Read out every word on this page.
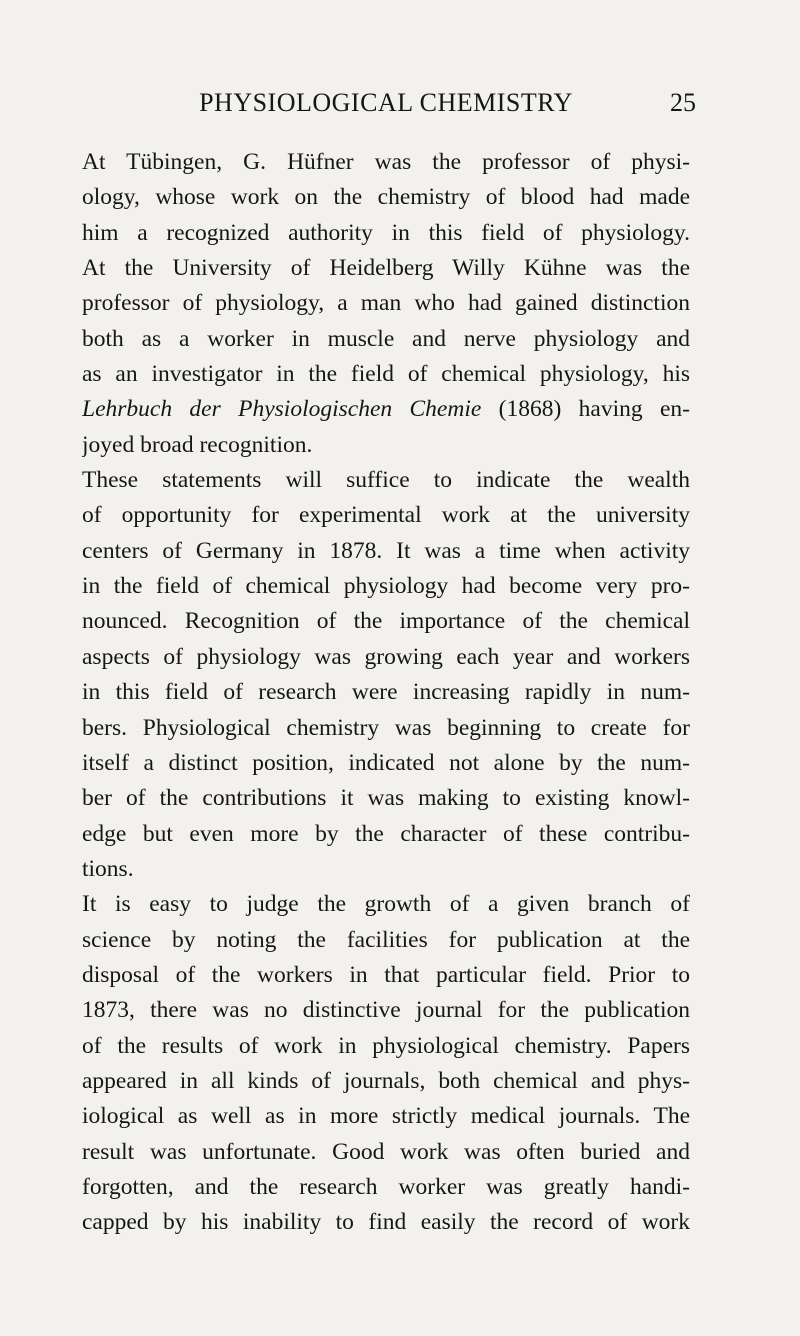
PHYSIOLOGICAL CHEMISTRY	25
At Tübingen, G. Hüfner was the professor of physi-
ology, whose work on the chemistry of blood had made
him a recognized authority in this field of physiology.
At the University of Heidelberg Willy Kühne was the
professor of physiology, a man who had gained distinction
both as a worker in muscle and nerve physiology and
as an investigator in the field of chemical physiology, his
Lehrbuch der Physiologischen Chemie (1868) having en-
joyed broad recognition.
These statements will suffice to indicate the wealth
of opportunity for experimental work at the university
centers of Germany in 1878. It was a time when activity
in the field of chemical physiology had become very pro-
nounced. Recognition of the importance of the chemical
aspects of physiology was growing each year and workers
in this field of research were increasing rapidly in num-
bers. Physiological chemistry was beginning to create for
itself a distinct position, indicated not alone by the num-
ber of the contributions it was making to existing knowl-
edge but even more by the character of these contribu-
tions.
It is easy to judge the growth of a given branch of
science by noting the facilities for publication at the
disposal of the workers in that particular field. Prior to
1873, there was no distinctive journal for the publication
of the results of work in physiological chemistry. Papers
appeared in all kinds of journals, both chemical and phys-
iological as well as in more strictly medical journals. The
result was unfortunate. Good work was often buried and
forgotten, and the research worker was greatly handi-
capped by his inability to find easily the record of work
